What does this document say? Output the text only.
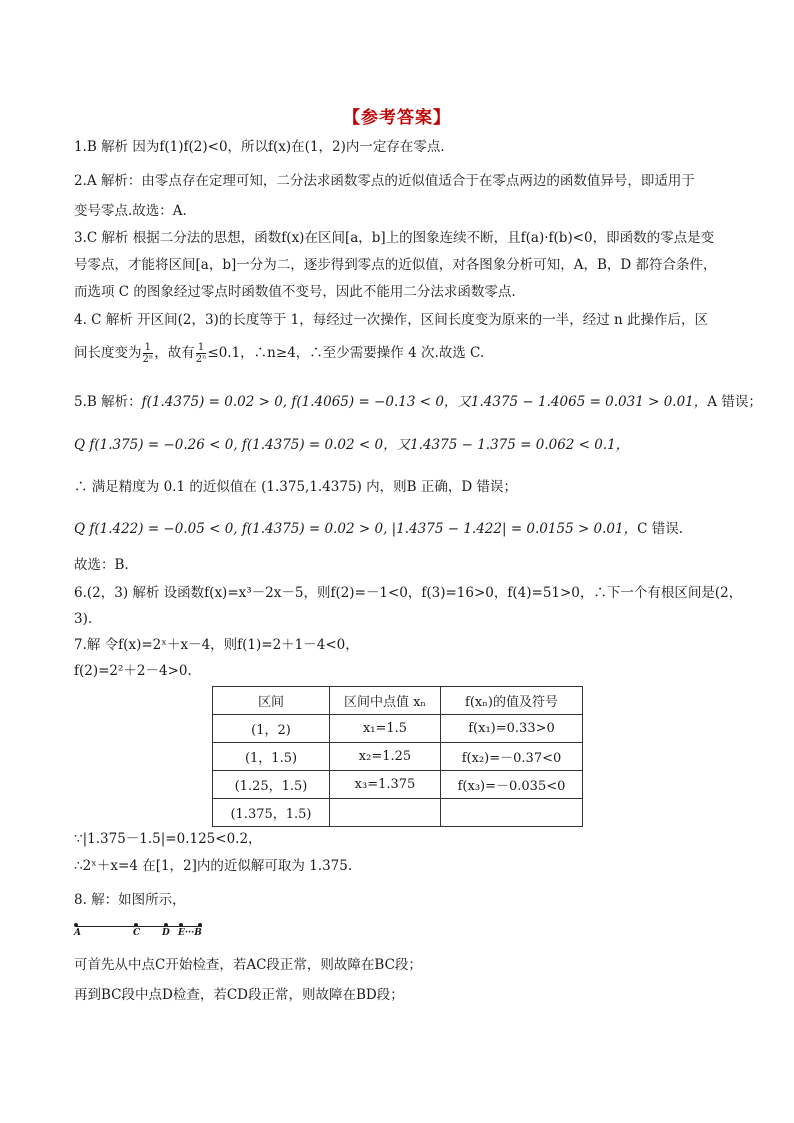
【参考答案】
1.B 解析 因为f(1)f(2)<0，所以f(x)在(1，2)内一定存在零点.
2.A 解析：由零点存在定理可知，二分法求函数零点的近似值适合于在零点两边的函数值异号，即适用于
变号零点.故选：A.
3.C 解析 根据二分法的思想，函数f(x)在区间[a，b]上的图象连续不断，且f(a)·f(b)<0，即函数的零点是变
号零点，才能将区间[a，b]一分为二，逐步得到零点的近似值，对各图象分析可知，A，B，D 都符合条件，
而选项 C 的图象经过零点时函数值不变号，因此不能用二分法求函数零点.
4. C 解析 开区间(2，3)的长度等于 1，每经过一次操作，区间长度变为原来的一半，经过 n 此操作后，区
间长度变为 $\frac{1}{\text{2ⁿ}}$ ，故有 $\frac{1}{\text{2ⁿ}} \le 0.1$，∴n≥4，∴至少需要操作 4 次.故选 C.
5.B 解析：f(1.4375) = 0.02 > 0, f(1.4065) = −0.13 < 0，又1.4375 − 1.4065 = 0.031 > 0.01，A 错误；
Q f(1.375) = −0.26 < 0, f(1.4375) = 0.02 < 0，又1.4375 − 1.375 = 0.062 < 0.1，
∴ 满足精度为 0.1 的近似值在 (1.375,1.4375) 内，则B 正确，D 错误；
Q f(1.422) = −0.05 < 0, f(1.4375) = 0.02 > 0, |1.4375 − 1.422| = 0.0155 > 0.01，C 错误.
故选：B.
6.(2，3) 解析 设函数f(x)=x³－2x－5，则f(2)=－1<0，f(3)=16>0，f(4)=51>0，∴下一个有根区间是(2，
3).
7.解 令f(x)=2ˣ＋x－4，则f(1)=2＋1－4<0，
f(2)=2²＋2－4>0.
区间	区间中点值 xₙ	f(xₙ)的值及符号
(1，2)	x₁=1.5	f(x₁)=0.33>0
(1，1.5)	x₂=1.25	f(x₂)=－0.37<0
(1.25，1.5)	x₃=1.375	f(x₃)=－0.035<0
(1.375，1.5)		
∵|1.375－1.5|=0.125<0.2，
∴2ˣ＋x=4 在[1，2]内的近似解可取为 1.375.
8. 解：如图所示，
A	C D E···B
可首先从中点C开始检查，若AC段正常，则故障在BC段；
再到BC段中点D检查，若CD段正常，则故障在BD段；
